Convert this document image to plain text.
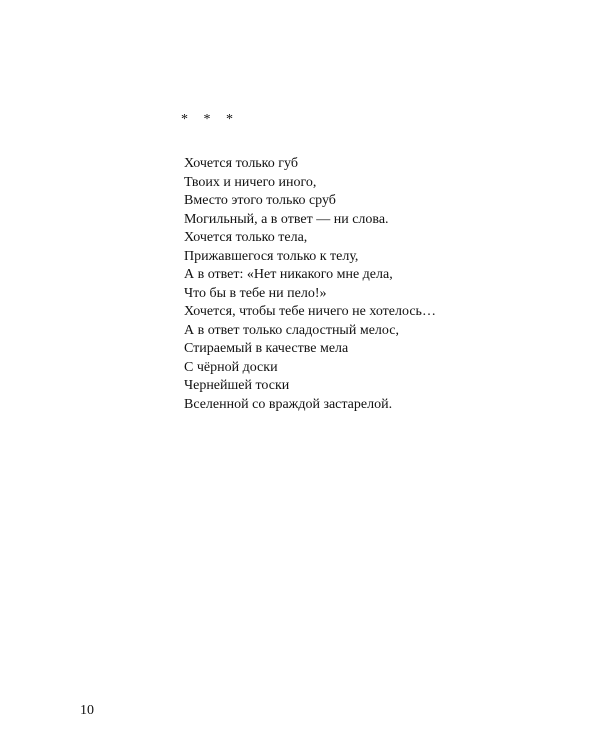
* * *
Хочется только губ
Твоих и ничего иного,
Вместо этого только сруб
Могильный, а в ответ — ни слова.
Хочется только тела,
Прижавшегося только к телу,
А в ответ: «Нет никакого мне дела,
Что бы в тебе ни пело!»
Хочется, чтобы тебе ничего не хотелось…
А в ответ только сладостный мелос,
Стираемый в качестве мела
С чёрной доски
Чернейшей тоски
Вселенной со враждой застарелой.
10
